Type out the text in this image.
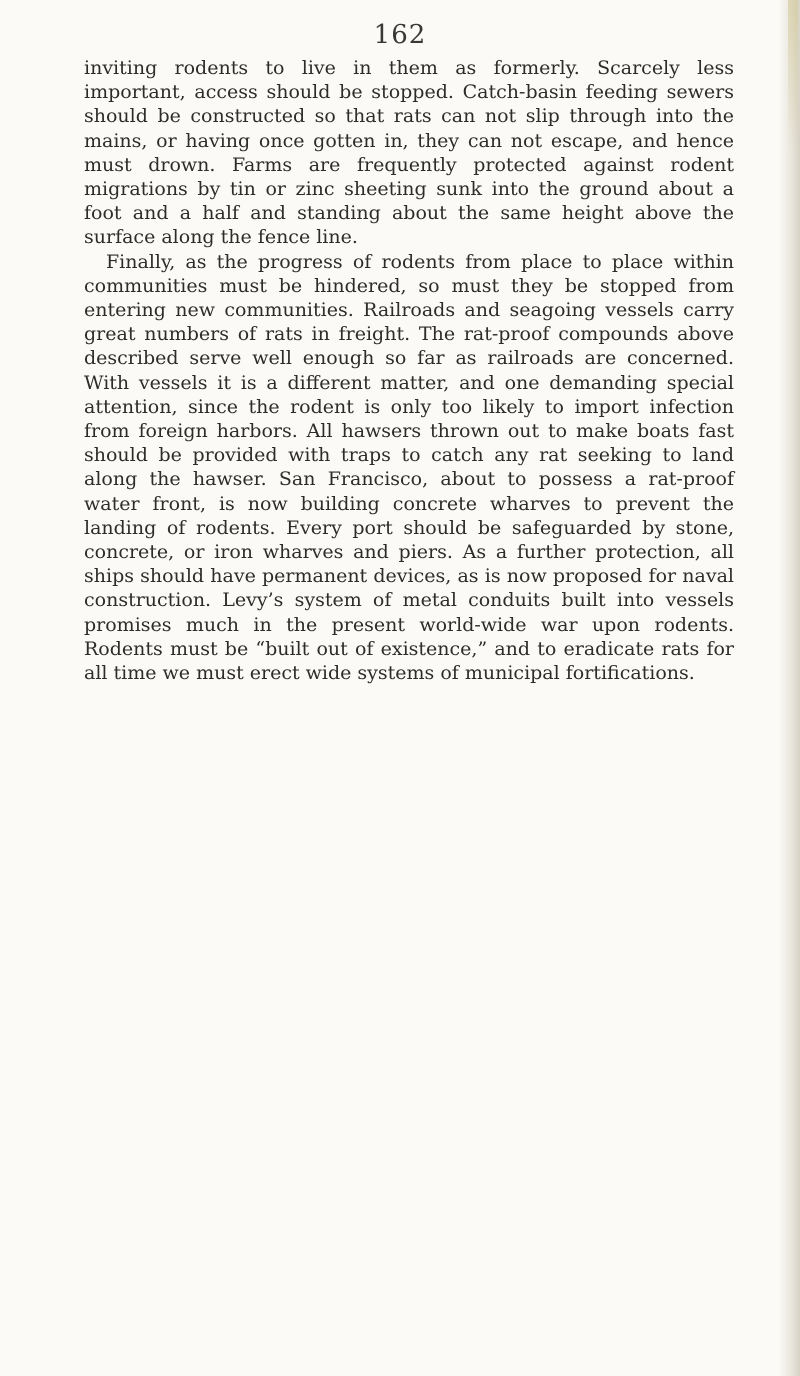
162

inviting rodents to live in them as formerly. Scarcely less important, access should be stopped. Catch-basin feeding sewers should be constructed so that rats can not slip through into the mains, or having once gotten in, they can not escape, and hence must drown. Farms are frequently protected against rodent migrations by tin or zinc sheeting sunk into the ground about a foot and a half and standing about the same height above the surface along the fence line.

Finally, as the progress of rodents from place to place within communities must be hindered, so must they be stopped from entering new communities. Railroads and seagoing vessels carry great numbers of rats in freight. The rat-proof compounds above described serve well enough so far as railroads are concerned. With vessels it is a different matter, and one demanding special attention, since the rodent is only too likely to import infection from foreign harbors. All hawsers thrown out to make boats fast should be provided with traps to catch any rat seeking to land along the hawser. San Francisco, about to possess a rat-proof water front, is now building concrete wharves to prevent the landing of rodents. Every port should be safeguarded by stone, concrete, or iron wharves and piers. As a further protection, all ships should have permanent devices, as is now proposed for naval construction. Levy’s system of metal conduits built into vessels promises much in the present world-wide war upon rodents. Rodents must be “built out of existence,” and to eradicate rats for all time we must erect wide systems of municipal fortifications.
